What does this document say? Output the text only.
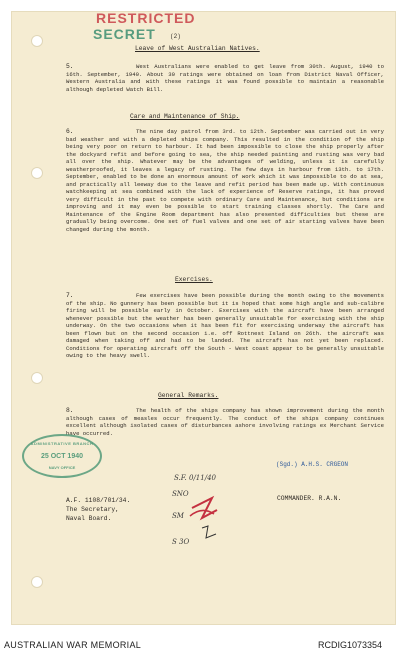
RESTRICTED
SECRET (2)
Leave of West Australian Natives.
5.	West Australians were enabled to get leave from 30th. August, 1940 to 16th. September, 1940. About 30 ratings were obtained on loan from District Naval Officer, Western Australia and with these ratings it was found possible to maintain a reasonable although depleted Watch Bill.
Care and Maintenance of Ship.
6.	The nine day patrol from 3rd. to 12th. September was carried out in very bad weather and with a depleted ships company. This resulted in the condition of the ship being very poor on return to harbour. It had been impossible to close the ship properly after the dockyard refit and before going to sea, the ship needed painting and rusting was very bad all over the ship. Whatever may be the advantages of welding, unless it is carefully weatherproofed, it leaves a legacy of rusting. The few days in harbour from 13th. to 17th. September, enabled to be done an enormous amount of work which it was impossible to do at sea, and practically all leeway due to the leave and refit period has been made up. With continuous watchkeeping at sea combined with the lack of experience of Reserve ratings, it has proved very difficult in the past to compete with ordinary Care and Maintenance, but conditions are improving and it may even be possible to start training classes shortly. The Care and Maintenance of the Engine Room department has also presented difficulties but these are gradually being overcome. One set of fuel valves and one set of air starting valves have been changed during the month.
Exercises.
7.	Few exercises have been possible during the month owing to the movements of the ship. No gunnery has been possible but it is hoped that some high angle and sub-calibre firing will be possible early in October. Exercises with the aircraft have been arranged whenever possible but the weather has been generally unsuitable for exercising with the ship underway. On the two occasions when it has been fit for exercising underway the aircraft has been flown but on the second occasion i.e. off Rottnest Island on 26th. the aircraft was damaged when taking off and had to be landed. The aircraft has not yet been replaced. Conditions for operating aircraft off the South - West coast appear to be generally unsuitable owing to the heavy swell.
General Remarks.
8.	The health of the ships company has shown improvement during the month although cases of measles occur frequently. The conduct of the ships company continues excellent although isolated cases of disturbances ashore involving ratings ex Merchant Service have occurred.
ADMINISTRATIVE BRANCH
25 OCT 1940
NAVY OFFICE	(Sgd.) A.H.S. CRGEON
COMMANDER. R.A.N.
A.F. 1108/701/34.
The Secretary,
Naval Board.
S.F. 0/11/40
SNO
SM
S 3O
AUSTRALIAN WAR MEMORIAL	RCDIG1073354
